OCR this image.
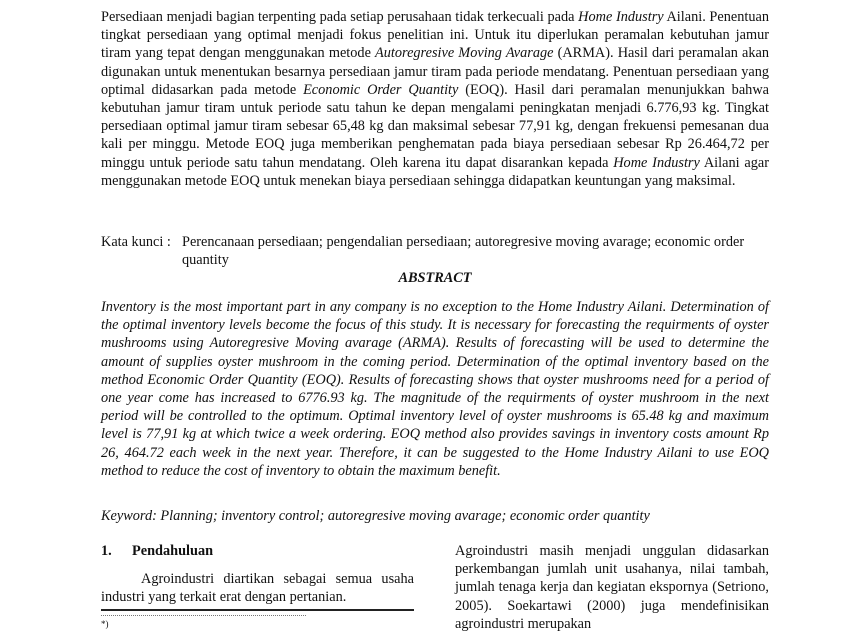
Persediaan menjadi bagian terpenting pada setiap perusahaan tidak terkecuali pada Home Industry Ailani. Penentuan tingkat persediaan yang optimal menjadi fokus penelitian ini. Untuk itu diperlukan peramalan kebutuhan jamur tiram yang tepat dengan menggunakan metode Autoregresive Moving Avarage (ARMA). Hasil dari peramalan akan digunakan untuk menentukan besarnya persediaan jamur tiram pada periode mendatang. Penentuan persediaan yang optimal didasarkan pada metode Economic Order Quantity (EOQ). Hasil dari peramalan menunjukkan bahwa kebutuhan jamur tiram untuk periode satu tahun ke depan mengalami peningkatan menjadi 6.776,93 kg. Tingkat persediaan optimal jamur tiram sebesar 65,48 kg dan maksimal sebesar 77,91 kg, dengan frekuensi pemesanan dua kali per minggu. Metode EOQ juga memberikan penghematan pada biaya persediaan sebesar Rp 26.464,72 per minggu untuk periode satu tahun mendatang. Oleh karena itu dapat disarankan kepada Home Industry Ailani agar menggunakan metode EOQ untuk menekan biaya persediaan sehingga didapatkan keuntungan yang maksimal.

Kata kunci : Perencanaan persediaan; pengendalian persediaan; autoregresive moving avarage; economic order quantity
ABSTRACT

Inventory is the most important part in any company is no exception to the Home Industry Ailani. Determination of the optimal inventory levels become the focus of this study. It is necessary for forecasting the requirments of oyster mushrooms using Autoregresive Moving avarage (ARMA). Results of forecasting will be used to determine the amount of supplies oyster mushroom in the coming period. Determination of the optimal inventory based on the method Economic Order Quantity (EOQ). Results of forecasting shows that oyster mushrooms need for a period of one year come has increased to 6776.93 kg. The magnitude of the requirments of oyster mushroom in the next period will be controlled to the optimum. Optimal inventory level of oyster mushrooms is 65.48 kg and maximum level is 77,91 kg at which twice a week ordering. EOQ method also provides savings in inventory costs amount Rp 26, 464.72 each week in the next year. Therefore, it can be suggested to the Home Industry Ailani to use EOQ method to reduce the cost of inventory to obtain the maximum benefit.

Keyword: Planning; inventory control; autoregresive moving avarage; economic order quantity

1.	Pendahuluan

Agroindustri diartikan sebagai semua usaha industri yang terkait erat dengan pertanian.

*)

Agroindustri masih menjadi unggulan didasarkan perkembangan jumlah unit usahanya, nilai tambah, jumlah tenaga kerja dan kegiatan ekspornya (Setriono, 2005). Soekartawi (2000) juga mendefinisikan agroindustri merupakan
